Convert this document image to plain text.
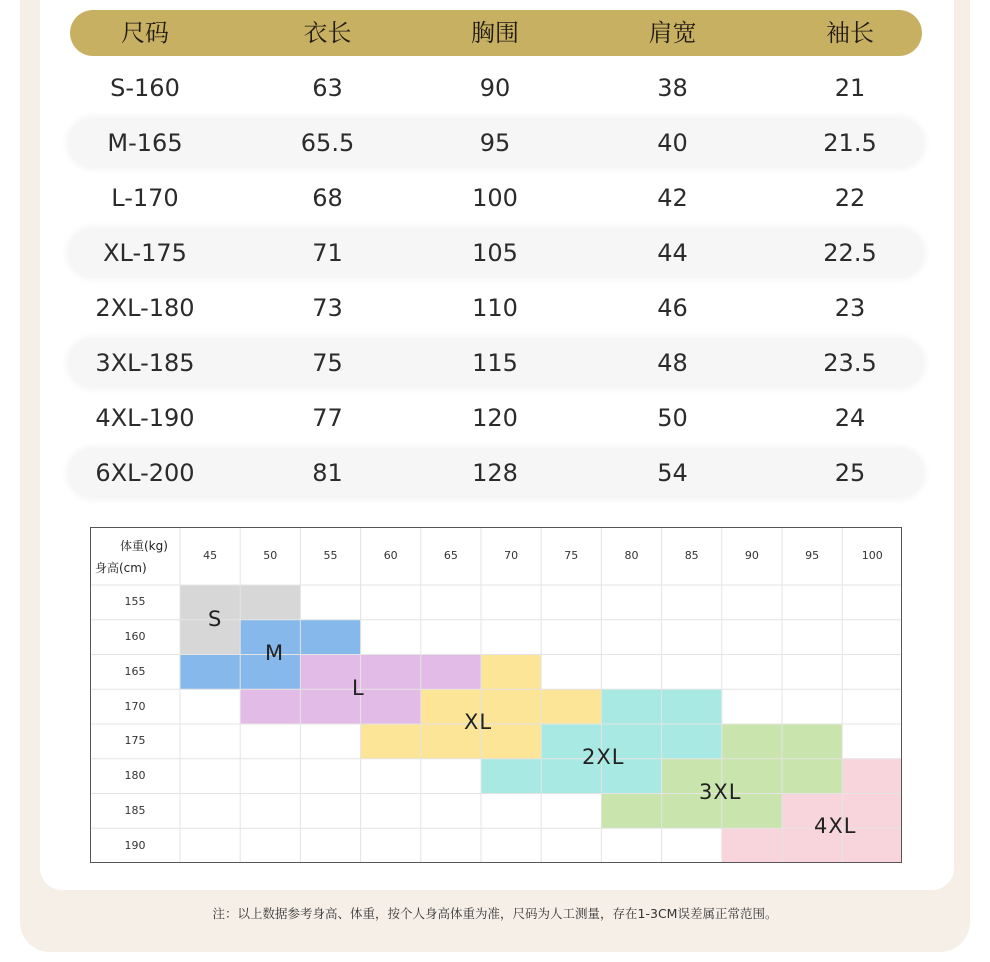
尺码	衣长	胸围	肩宽	袖长
S-160	63	90	38	21
M-165	65.5	95	40	21.5
L-170	68	100	42	22
XL-175	71	105	44	22.5
2XL-180	73	110	46	23
3XL-185	75	115	48	23.5
4XL-190	77	120	50	24
6XL-200	81	128	54	25
体重(kg)
身高(cm)
45	50	55	60	65	70	75	80	85	90	95	100
155
160
165
170
175
180
185
190
S
M
L
XL
2XL
3XL
4XL
注：以上数据参考身高、体重，按个人身高体重为准，尺码为人工测量，存在1-3CM误差属正常范围。
